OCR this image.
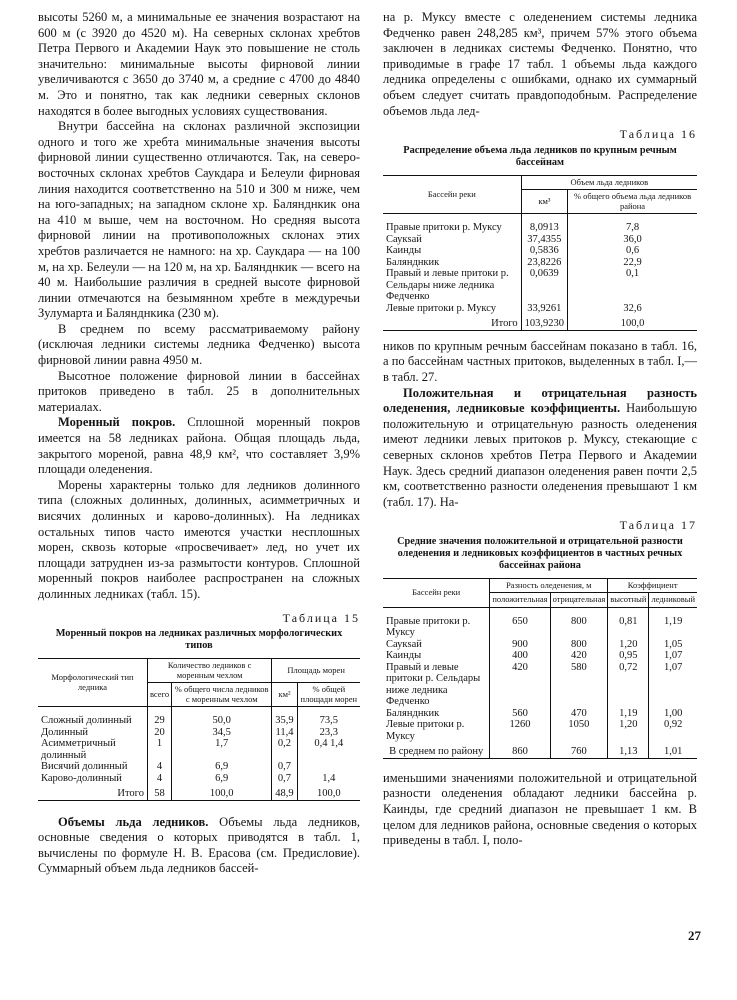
высоты 5260 м, а минимальные ее значения возрастают на 600 м (с 3920 до 4520 м). На северных склонах хребтов Петра Первого и Академии Наук это повышение не столь значительно: минимальные высоты фирновой линии увеличиваются с 3650 до 3740 м, а средние с 4700 до 4840 м. Это и понятно, так как ледники северных склонов находятся в более выгодных условиях существования.

Внутри бассейна на склонах различной экспозиции одного и того же хребта минимальные значения высоты фирновой линии существенно отличаются. Так, на северо-восточных склонах хребтов Саукдара и Белеули фирновая линия находится соответственно на 510 и 300 м ниже, чем на юго-западных; на западном склоне хр. Балянднкик она на 410 м выше, чем на восточном. Но средняя высота фирновой линии на противоположных склонах этих хребтов различается не намного: на хр. Саукдара — на 100 м, на хр. Белеули — на 120 м, на хр. Балянднкик — всего на 40 м. Наибольшие различия в средней высоте фирновой линии отмечаются на безымянном хребте в междуречьи Зулумарта и Балянднкика (230 м).

В среднем по всему рассматриваемому району (исключая ледники системы ледника Федченко) высота фирновой линии равна 4950 м.

Высотное положение фирновой линии в бассейнах притоков приведено в табл. 25 в дополнительных материалах.

Моренный покров. Сплошной моренный покров имеется на 58 ледниках района. Общая площадь льда, закрытого мореной, равна 48,9 км², что составляет 3,9% площади оледенения.

Морены характерны только для ледников долинного типа (сложных долинных, долинных, асимметричных и висячих долинных и карово-долинных). На ледниках остальных типов часто имеются участки несплошных морен, сквозь которые «просвечивает» лед, но учет их площади затруднен из-за размытости контуров. Сплошной моренный покров наиболее распространен на сложных долинных ледниках (табл. 15).

Таблица 15
Моренный покров на ледниках различных морфологических типов
Морфологический тип ледника	Количество ледников с моренным чехлом		Площадь морен	
	всего	% общего числа ледников с моренным чехлом	км²	% общей площади морен

Сложный долинный	29	50,0	35,9	73,5
Долинный	20	34,5	11,4	23,3
Асимметричный долинный	1	1,7	0,2	0,4 1,4
Висячий долинный	4	6,9	0,7	
Карово-долинный	4	6,9	0,7	1,4
Итого	58	100,0	48,9	100,0

Объемы льда ледников. Объемы льда ледников, основные сведения о которых приводятся в табл. 1, вычислены по формуле Н. В. Ерасова (см. Предисловие). Суммарный объем льда ледников бассей-

на р. Муксу вместе с оледенением системы ледника Федченко равен 248,285 км³, причем 57% этого объема заключен в ледниках системы Федченко. Понятно, что приводимые в графе 17 табл. 1 объемы льда каждого ледника определены с ошибками, однако их суммарный объем следует считать правдоподобным. Распределение объемов льда лед-

Таблица 16
Распределение объема льда ледников по крупным речным бассейнам
Бассейн реки	Объем льда ледников	
	км³	% общего объема льда ледников района

Правые притоки р. Муксу	8,0913	7,8
Саукsай	37,4355	36,0
Каинды	0,5836	0,6
Балянднкик	23,8226	22,9
Правый и левые притоки р. Сельдары ниже ледника Федченко	0,0639	0,1
Левые притоки р. Муксу	33,9261	32,6
Итого	103,9230	100,0

ников по крупным речным бассейнам показано в табл. 16, а по бассейнам частных притоков, выделенных в табл. I,— в табл. 27.

Положительная и отрицательная разность оледенения, ледниковые коэффициенты. Наибольшую положительную и отрицательную разность оледенения имеют ледники левых притоков р. Муксу, стекающие с северных склонов хребтов Петра Первого и Академии Наук. Здесь средний диапазон оледенения равен почти 2,5 км, соответственно разности оледенения превышают 1 км (табл. 17). На-

Таблица 17
Средние значения положительной и отрицательной разности оледенения и ледниковых коэффициентов в частных речных бассейнах района
Бассейн реки	Разность оледенения, м		Коэффициент	
	положительная	отрицательная	высотный	ледниковый

Правые притоки р. Муксу	650	800	0,81	1,19
Саукsай	900	800	1,20	1,05
Каинды	400	420	0,95	1,07
Правый и левые притоки р. Сельдары ниже ледника Федченко	420	580	0,72	1,07
Балянднкик	560	470	1,19	1,00
Левые притоки р. Муксу	1260	1050	1,20	0,92
В среднем по району	860	760	1,13	1,01

именьшими значениями положительной и отрицательной разности оледенения обладают ледники бассейна р. Каинды, где средний диапазон не превышает 1 км. В целом для ледников района, основные сведения о которых приведены в табл. I, поло-

27
